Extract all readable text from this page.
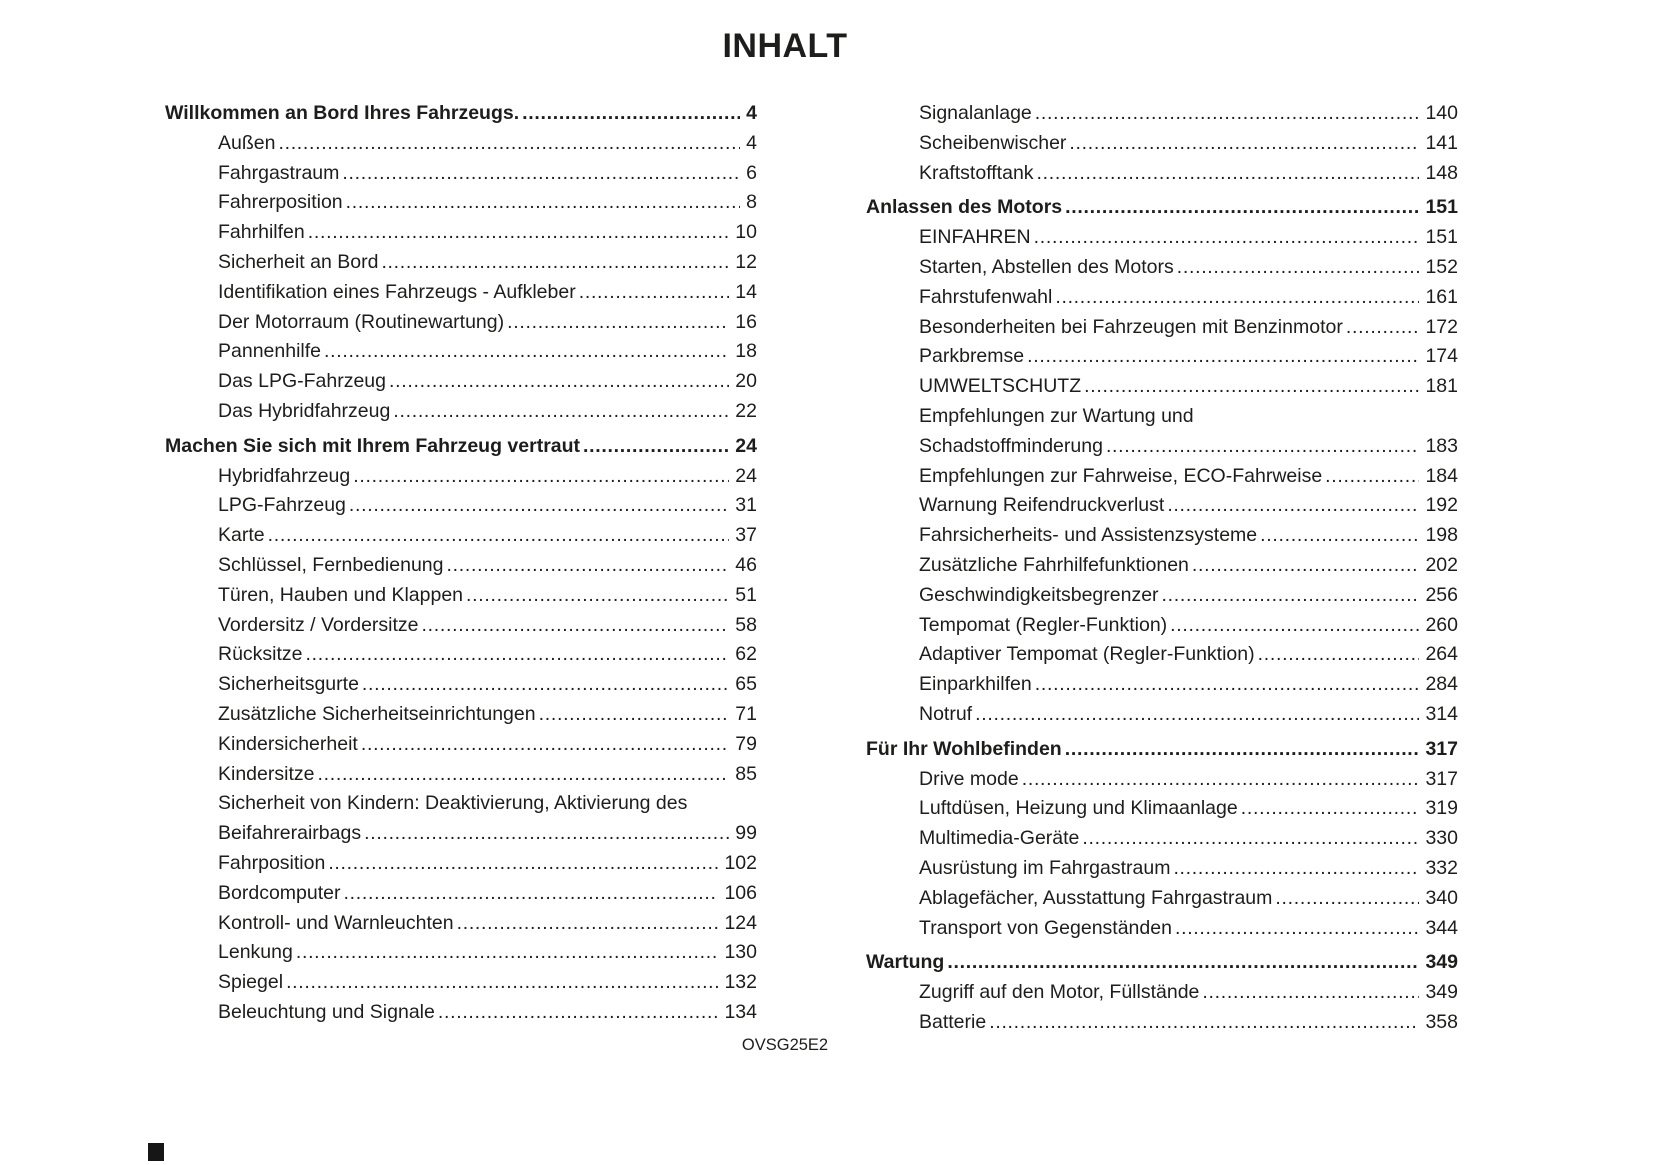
INHALT
Willkommen an Bord Ihres Fahrzeugs. .....	4
Außen .....	4
Fahrgastraum .....	6
Fahrerposition .....	8
Fahrhilfen .....	10
Sicherheit an Bord .....	12
Identifikation eines Fahrzeugs - Aufkleber .....	14
Der Motorraum (Routinewartung) .....	16
Pannenhilfe .....	18
Das LPG-Fahrzeug .....	20
Das Hybridfahrzeug .....	22
Machen Sie sich mit Ihrem Fahrzeug vertraut .....	24
Hybridfahrzeug .....	24
LPG-Fahrzeug .....	31
Karte .....	37
Schlüssel, Fernbedienung .....	46
Türen, Hauben und Klappen .....	51
Vordersitz / Vordersitze .....	58
Rücksitze .....	62
Sicherheitsgurte .....	65
Zusätzliche Sicherheitseinrichtungen .....	71
Kindersicherheit .....	79
Kindersitze .....	85
Sicherheit von Kindern: Deaktivierung, Aktivierung des
Beifahrerairbags .....	99
Fahrposition .....	102
Bordcomputer .....	106
Kontroll- und Warnleuchten .....	124
Lenkung .....	130
Spiegel .....	132
Beleuchtung und Signale .....	134
Signalanlage .....	140
Scheibenwischer .....	141
Kraftstofftank .....	148
Anlassen des Motors .....	151
EINFAHREN .....	151
Starten, Abstellen des Motors .....	152
Fahrstufenwahl .....	161
Besonderheiten bei Fahrzeugen mit Benzinmotor .....	172
Parkbremse .....	174
UMWELTSCHUTZ .....	181
Empfehlungen zur Wartung und
Schadstoffminderung .....	183
Empfehlungen zur Fahrweise, ECO-Fahrweise .....	184
Warnung Reifendruckverlust .....	192
Fahrsicherheits- und Assistenzsysteme .....	198
Zusätzliche Fahrhilfefunktionen .....	202
Geschwindigkeitsbegrenzer .....	256
Tempomat (Regler-Funktion) .....	260
Adaptiver Tempomat (Regler-Funktion) .....	264
Einparkhilfen .....	284
Notruf .....	314
Für Ihr Wohlbefinden .....	317
Drive mode .....	317
Luftdüsen, Heizung und Klimaanlage .....	319
Multimedia-Geräte .....	330
Ausrüstung im Fahrgastraum .....	332
Ablagefächer, Ausstattung Fahrgastraum .....	340
Transport von Gegenständen .....	344
Wartung .....	349
Zugriff auf den Motor, Füllstände .....	349
Batterie .....	358
OVSG25E2
